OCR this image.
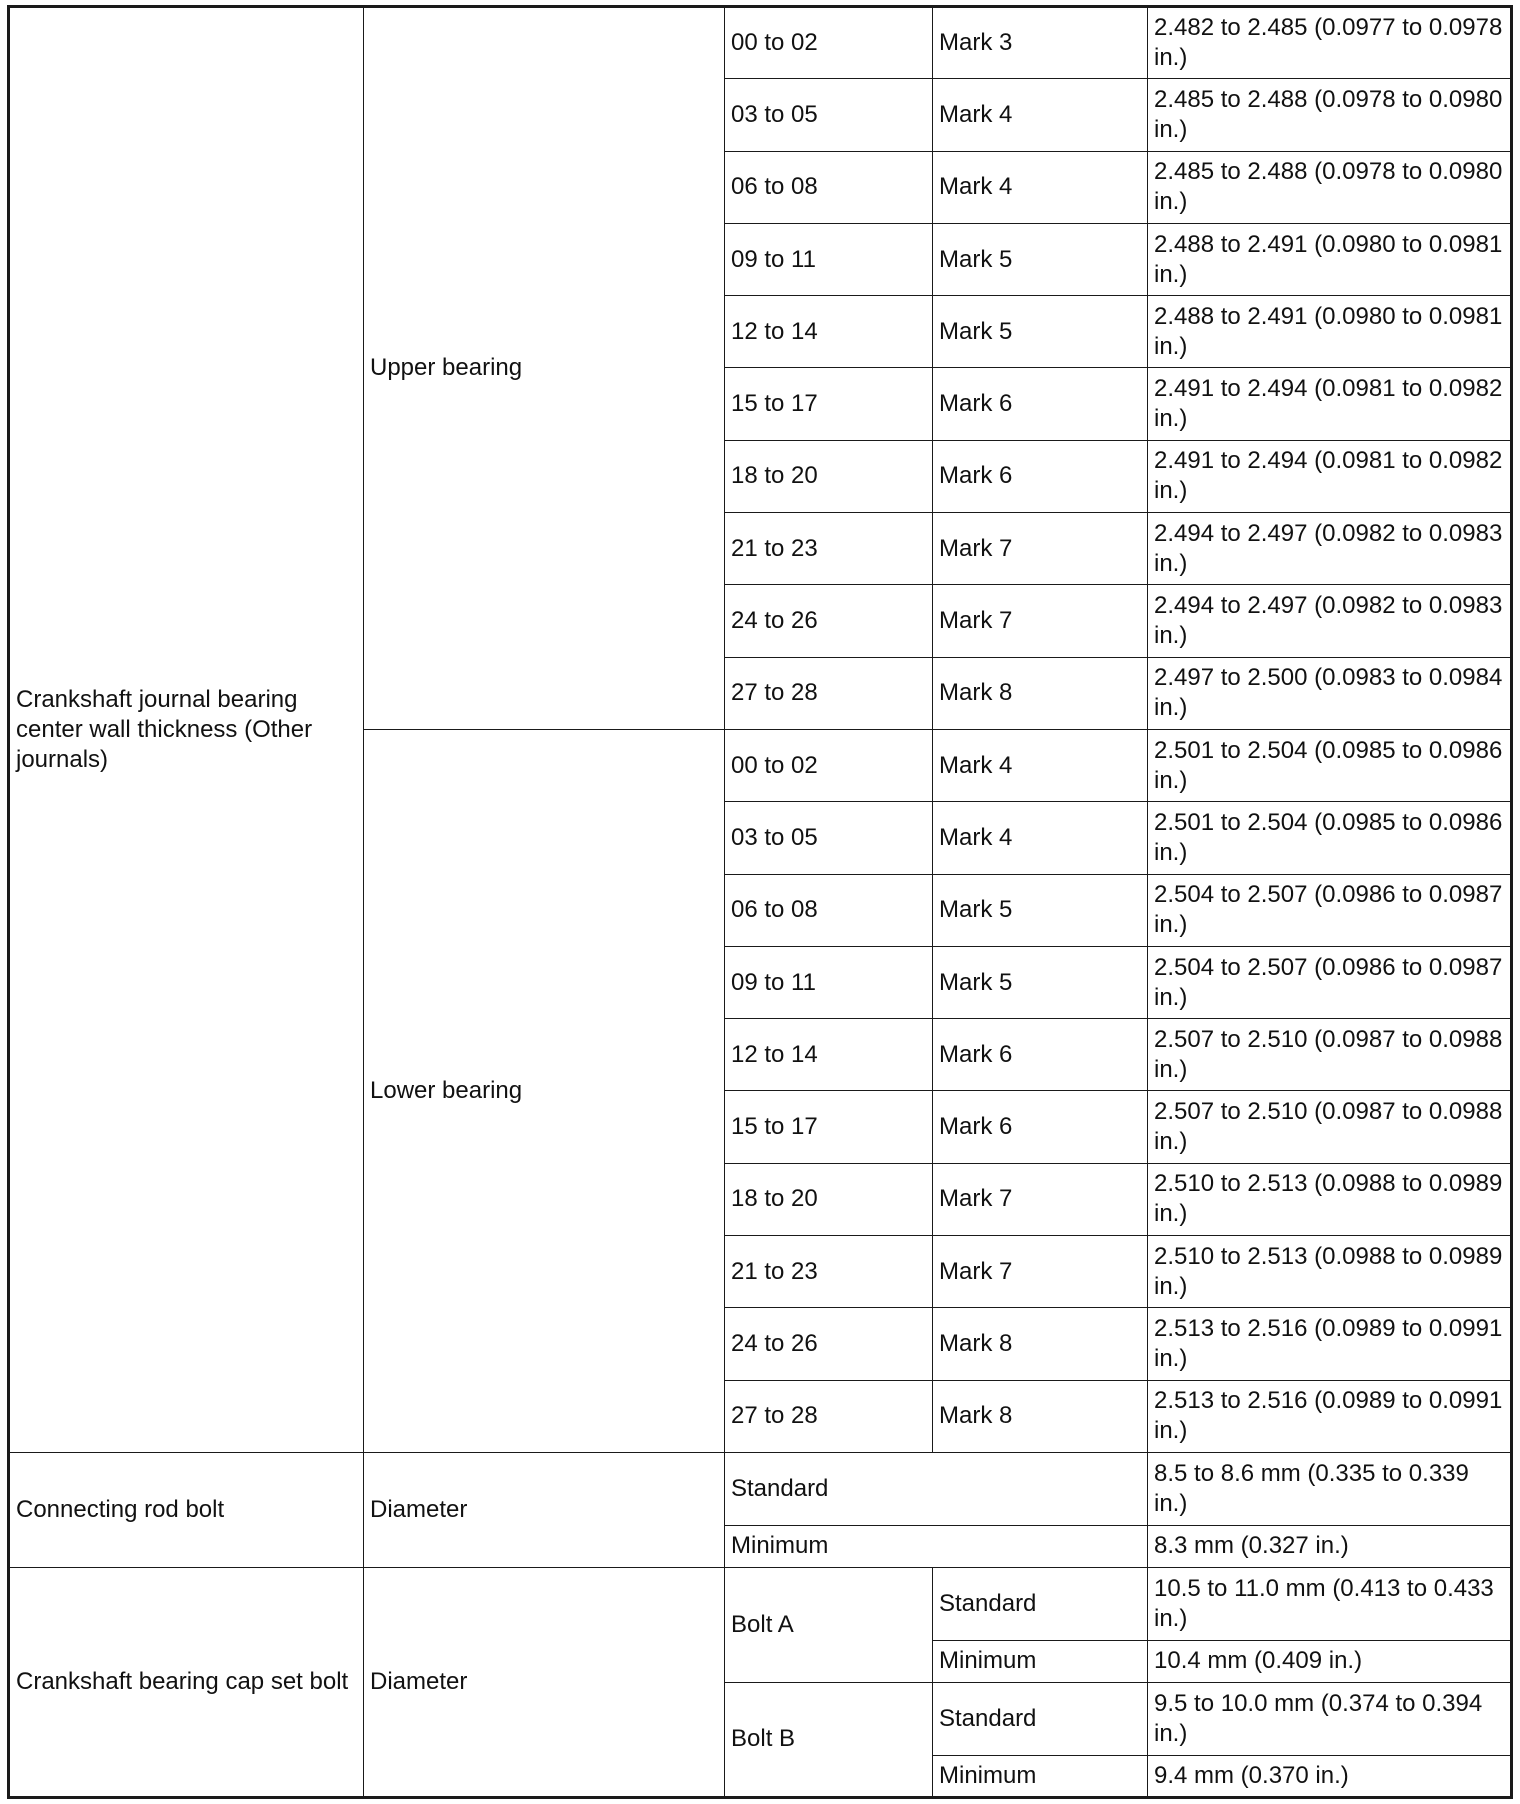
Crankshaft journal bearing center wall thickness (Other journals)	Upper bearing	00 to 02	Mark 3	2.482 to 2.485 (0.0977 to 0.0978 in.)
		03 to 05	Mark 4	2.485 to 2.488 (0.0978 to 0.0980 in.)
		06 to 08	Mark 4	2.485 to 2.488 (0.0978 to 0.0980 in.)
		09 to 11	Mark 5	2.488 to 2.491 (0.0980 to 0.0981 in.)
		12 to 14	Mark 5	2.488 to 2.491 (0.0980 to 0.0981 in.)
		15 to 17	Mark 6	2.491 to 2.494 (0.0981 to 0.0982 in.)
		18 to 20	Mark 6	2.491 to 2.494 (0.0981 to 0.0982 in.)
		21 to 23	Mark 7	2.494 to 2.497 (0.0982 to 0.0983 in.)
		24 to 26	Mark 7	2.494 to 2.497 (0.0982 to 0.0983 in.)
		27 to 28	Mark 8	2.497 to 2.500 (0.0983 to 0.0984 in.)
	Lower bearing	00 to 02	Mark 4	2.501 to 2.504 (0.0985 to 0.0986 in.)
		03 to 05	Mark 4	2.501 to 2.504 (0.0985 to 0.0986 in.)
		06 to 08	Mark 5	2.504 to 2.507 (0.0986 to 0.0987 in.)
		09 to 11	Mark 5	2.504 to 2.507 (0.0986 to 0.0987 in.)
		12 to 14	Mark 6	2.507 to 2.510 (0.0987 to 0.0988 in.)
		15 to 17	Mark 6	2.507 to 2.510 (0.0987 to 0.0988 in.)
		18 to 20	Mark 7	2.510 to 2.513 (0.0988 to 0.0989 in.)
		21 to 23	Mark 7	2.510 to 2.513 (0.0988 to 0.0989 in.)
		24 to 26	Mark 8	2.513 to 2.516 (0.0989 to 0.0991 in.)
		27 to 28	Mark 8	2.513 to 2.516 (0.0989 to 0.0991 in.)
Connecting rod bolt	Diameter	Standard		8.5 to 8.6 mm (0.335 to 0.339 in.)
		Minimum		8.3 mm (0.327 in.)
Crankshaft bearing cap set bolt	Diameter	Bolt A	Standard	10.5 to 11.0 mm (0.413 to 0.433 in.)
			Minimum	10.4 mm (0.409 in.)
		Bolt B	Standard	9.5 to 10.0 mm (0.374 to 0.394 in.)
			Minimum	9.4 mm (0.370 in.)
